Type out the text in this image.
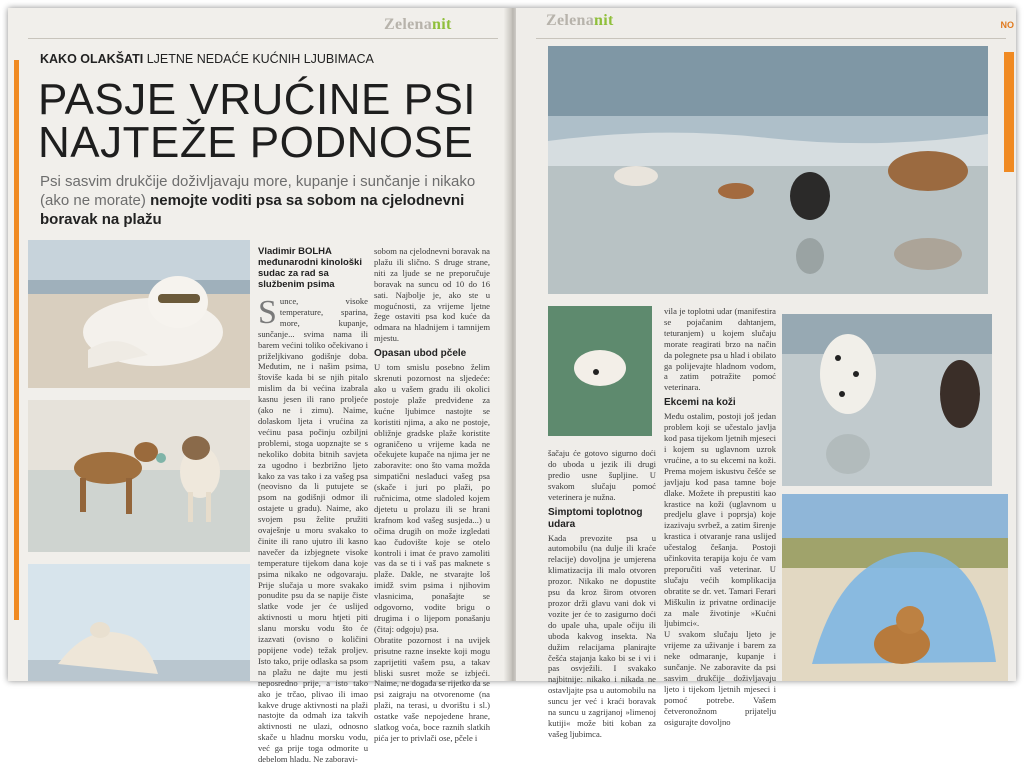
Zelenanit
KAKO OLAKŠATI LJETNE NEDAĆE KUĆNIH LJUBIMACA
PASJE VRUĆINE PSI
NAJTEŽE PODNOSE
Psi sasvim drukčije doživljavaju more, kupanje i sunčanje i nikako (ako ne morate) nemojte voditi psa sa sobom na cjelodnevni boravak na plažu
Vladimir BOLHA
međunarodni kinološki
sudac za rad sa
službenim psima
S unce, visoke temperature, sparina, more, kupanje, sunčanje... svima nama ili barem većini toliko očekivano i priželjkivano godišnje doba. Međutim, ne i našim psima, štoviše kada bi se njih pitalo mislim da bi većina izabrala kasnu jesen ili rano proljeće (ako ne i zimu). Naime, dolaskom ljeta i vrućina za većinu pasa počinju ozbiljni problemi, stoga uopznajte se s nekoliko dobita bitnih savjeta za ugodno i bezbrižno ljeto kako za vas tako i za vašeg psa (neovisno da li putujete se psom na godišnji odmor ili ostajete u gradu). Naime, ako svojem psu želite pružiti ovaješnje u moru svakako to činite ili rano ujutro ili kasno navečer da izbjegnete visoke temperature tijekom dana koje psima nikako ne odgovaraju. Prije slučaja u more svakako ponudite psu da se napije čiste slatke vode jer će uslijed aktivnosti u moru htjeti piti slanu morsku vodu što će izazvati (ovisno o količini popijene vode) težak proljev. Isto tako, prije odlaska sa psom na plažu ne dajte mu jesti neposredno prije, a isto tako ako je trčao, plivao ili imao kakve druge aktivnosti na plaži nastojte da odmah iza takvih aktivnosti ne ulazi, odnosno skače u hladnu morsku vodu, već ga prije toga odmorite u debelom hladu. Ne zaboravi-
sobom na cjelodnevni boravak na plažu ili slično. S druge strane, niti za ljude se ne preporučuje boravak na suncu od 10 do 16 sati. Najbolje je, ako ste u mogućnosti, za vrijeme ljetne žege ostaviti psa kod kuće da odmara na hladnijem i tamnijem mjestu.
Opasan ubod pčele
U tom smislu posebno želim skrenuti pozornost na sljedeće: ako u vašem gradu ili okolici postoje plaže predviđene za kućne ljubimce nastojte se koristiti njima, a ako ne postoje, obližnje gradske plaže koristite ograničeno u vrijeme kada ne očekujete kupače na njima jer ne zaboravite: ono što vama možda simpatični neslađuci vašeg psa (skače i juri po plaži, po ručnicima, otme sladoled kojem djetetu u prolazu ili se hrani krafnom kod vašeg susjeda...) u očima drugih on može izgledati kao čudovište koje se otelo kontroli i imat će pravo zamoliti vas da se ti i vaš pas maknete s plaže. Dakle, ne stvarajte loš imidž svim psima i njihovim vlasnicima, ponašajte se odgovorno, vodite brigu o drugima i o lijepom ponašanju (čitaj: odgoju) psa.
Obratite pozornost i na uvijek prisutne razne insekte koji mogu zaprijetiti vašem psu, a takav bliski susret može se izbjeći. Naime, ne događa se rijetko da se psi zaigraju na otvorenome (na plaži, na terasi, u dvorištu i sl.) ostatke vaše nepojedene hrane, slatkog voća, boce raznih slatkih pića jer to privlači ose, pčele i
Zelenanit	NO
šačaju će gotovo sigurno doći do uboda u jezik ili drugi predio usne šupljine. U svakom slučaju pomoć veterinera je nužna.
Simptomi toplotnog udara
Kada prevozite psa u automobilu (na dulje ili kraće relacije) dovoljna je umjerena klimatizacija ili malo otvoren prozor. Nikako ne dopustite psu da kroz širom otvoren prozor drži glavu vani dok vi vozite jer će to zasigurno doći do upale uha, upale očiju ili uboda kakvog insekta. Na dužim relacijama planirajte češća stajanja kako bi se i vi i pas osvježili. I svakako najbitnije: nikako i nikada ne ostavljajte psa u automobilu na suncu jer već i kraći boravak na suncu u zagrijanoj »limenoj kutiji« može biti koban za vašeg ljubimca.
vila je toplotni udar (manifestira se pojačanim dahtanjem, teturanjem) u kojem slučaju morate reagirati brzo na način da polegnete psa u hlad i obilato ga polijevajte hladnom vodom, a zatim potražite pomoć veterinara.
Ekcemi na koži
Među ostalim, postoji još jedan problem koji se učestalo javlja kod pasa tijekom ljetnih mjeseci i kojem su uglavnom uzrok vrućine, a to su ekcemi na koži. Prema mojem iskustvu češće se javljaju kod pasa tamne boje dlake. Možete ih prepustiti kao krastice na koži (uglavnom u predjelu glave i poprsja) koje izazivaju svrbež, a zatim širenje krastica i otvaranje rana uslijed učestalog češanja. Postoji učinkovita terapija koju će vam preporučiti vaš veterinar. U slučaju većih komplikacija obratite se dr. vet. Tamari Ferari Miškulin iz privatne ordinacije za male životinje »Kućni ljubimci«.
U svakom slučaju ljeto je vrijeme za uživanje i barem za neke odmaranje, kupanje i sunčanje. Ne zaboravite da psi sasvim drukčije doživljavaju ljeto i tijekom ljetnih mjeseci i pomoć potrebe. Vašem četveronožnom prijatelju osigurajte dovoljno
